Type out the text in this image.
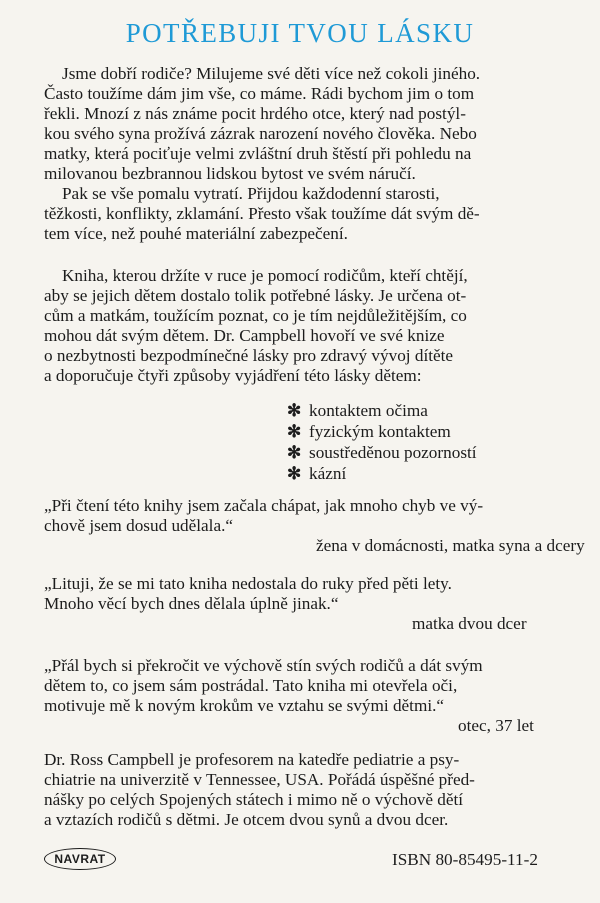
POTŘEBUJI TVOU LÁSKU
Jsme dobří rodiče? Milujeme své děti více než cokoli jiného.
Často toužíme dám jim vše, co máme. Rádi bychom jim o tom
řekli. Mnozí z nás známe pocit hrdého otce, který nad postýl-
kou svého syna prožívá zázrak narození nového člověka. Nebo
matky, která pociťuje velmi zvláštní druh štěstí při pohledu na
milovanou bezbrannou lidskou bytost ve svém náručí.
Pak se vše pomalu vytratí. Přijdou každodenní starosti,
těžkosti, konflikty, zklamání. Přesto však toužíme dát svým dě-
tem více, než pouhé materiální zabezpečení.
Kniha, kterou držíte v ruce je pomocí rodičům, kteří chtějí,
aby se jejich dětem dostalo tolik potřebné lásky. Je určena ot-
cům a matkám, toužícím poznat, co je tím nejdůležitějším, co
mohou dát svým dětem. Dr. Campbell hovoří ve své knize
o nezbytnosti bezpodmínečné lásky pro zdravý vývoj dítěte
a doporučuje čtyři způsoby vyjádření této lásky dětem:
✻ kontaktem očima
✻ fyzickým kontaktem
✻ soustředěnou pozorností
✻ kázní
„Při čtení této knihy jsem začala chápat, jak mnoho chyb ve vý-
chově jsem dosud udělala.“
žena v domácnosti, matka syna a dcery
„Lituji, že se mi tato kniha nedostala do ruky před pěti lety.
Mnoho věcí bych dnes dělala úplně jinak.“
matka dvou dcer
„Přál bych si překročit ve výchově stín svých rodičů a dát svým
dětem to, co jsem sám postrádal. Tato kniha mi otevřela oči,
motivuje mě k novým krokům ve vztahu se svými dětmi.“
otec, 37 let
Dr. Ross Campbell je profesorem na katedře pediatrie a psy-
chiatrie na univerzitě v Tennessee, USA. Pořádá úspěšné před-
nášky po celých Spojených státech i mimo ně o výchově dětí
a vztazích rodičů s dětmi. Je otcem dvou synů a dvou dcer.
NAVRAT	ISBN 80-85495-11-2
